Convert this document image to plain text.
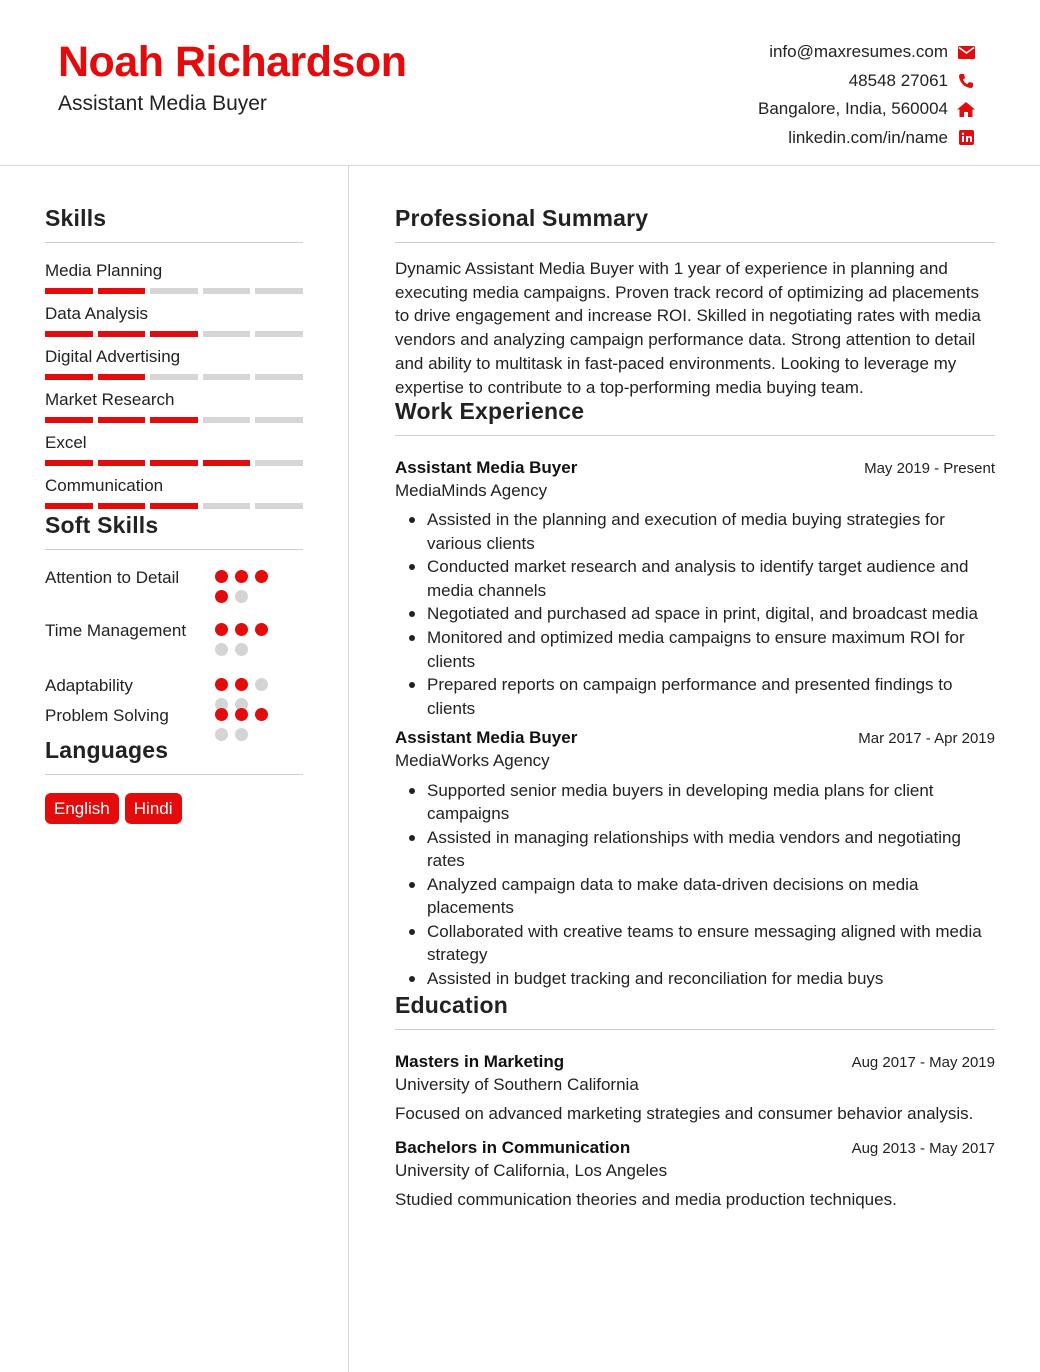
Noah Richardson
Assistant Media Buyer
info@maxresumes.com
48548 27061
Bangalore, India, 560004
linkedin.com/in/name
Skills
Media Planning
Data Analysis
Digital Advertising
Market Research
Excel
Communication
Soft Skills
Attention to Detail
Time Management
Adaptability
Problem Solving
Languages
English	Hindi
Professional Summary
Dynamic Assistant Media Buyer with 1 year of experience in planning and executing media campaigns. Proven track record of optimizing ad placements to drive engagement and increase ROI. Skilled in negotiating rates with media vendors and analyzing campaign performance data. Strong attention to detail and ability to multitask in fast-paced environments. Looking to leverage my expertise to contribute to a top-performing media buying team.
Work Experience
Assistant Media Buyer	May 2019 - Present
MediaMinds Agency
Assisted in the planning and execution of media buying strategies for various clients
Conducted market research and analysis to identify target audience and media channels
Negotiated and purchased ad space in print, digital, and broadcast media
Monitored and optimized media campaigns to ensure maximum ROI for clients
Prepared reports on campaign performance and presented findings to clients
Assistant Media Buyer	Mar 2017 - Apr 2019
MediaWorks Agency
Supported senior media buyers in developing media plans for client campaigns
Assisted in managing relationships with media vendors and negotiating rates
Analyzed campaign data to make data-driven decisions on media placements
Collaborated with creative teams to ensure messaging aligned with media strategy
Assisted in budget tracking and reconciliation for media buys
Education
Masters in Marketing	Aug 2017 - May 2019
University of Southern California
Focused on advanced marketing strategies and consumer behavior analysis.
Bachelors in Communication	Aug 2013 - May 2017
University of California, Los Angeles
Studied communication theories and media production techniques.
